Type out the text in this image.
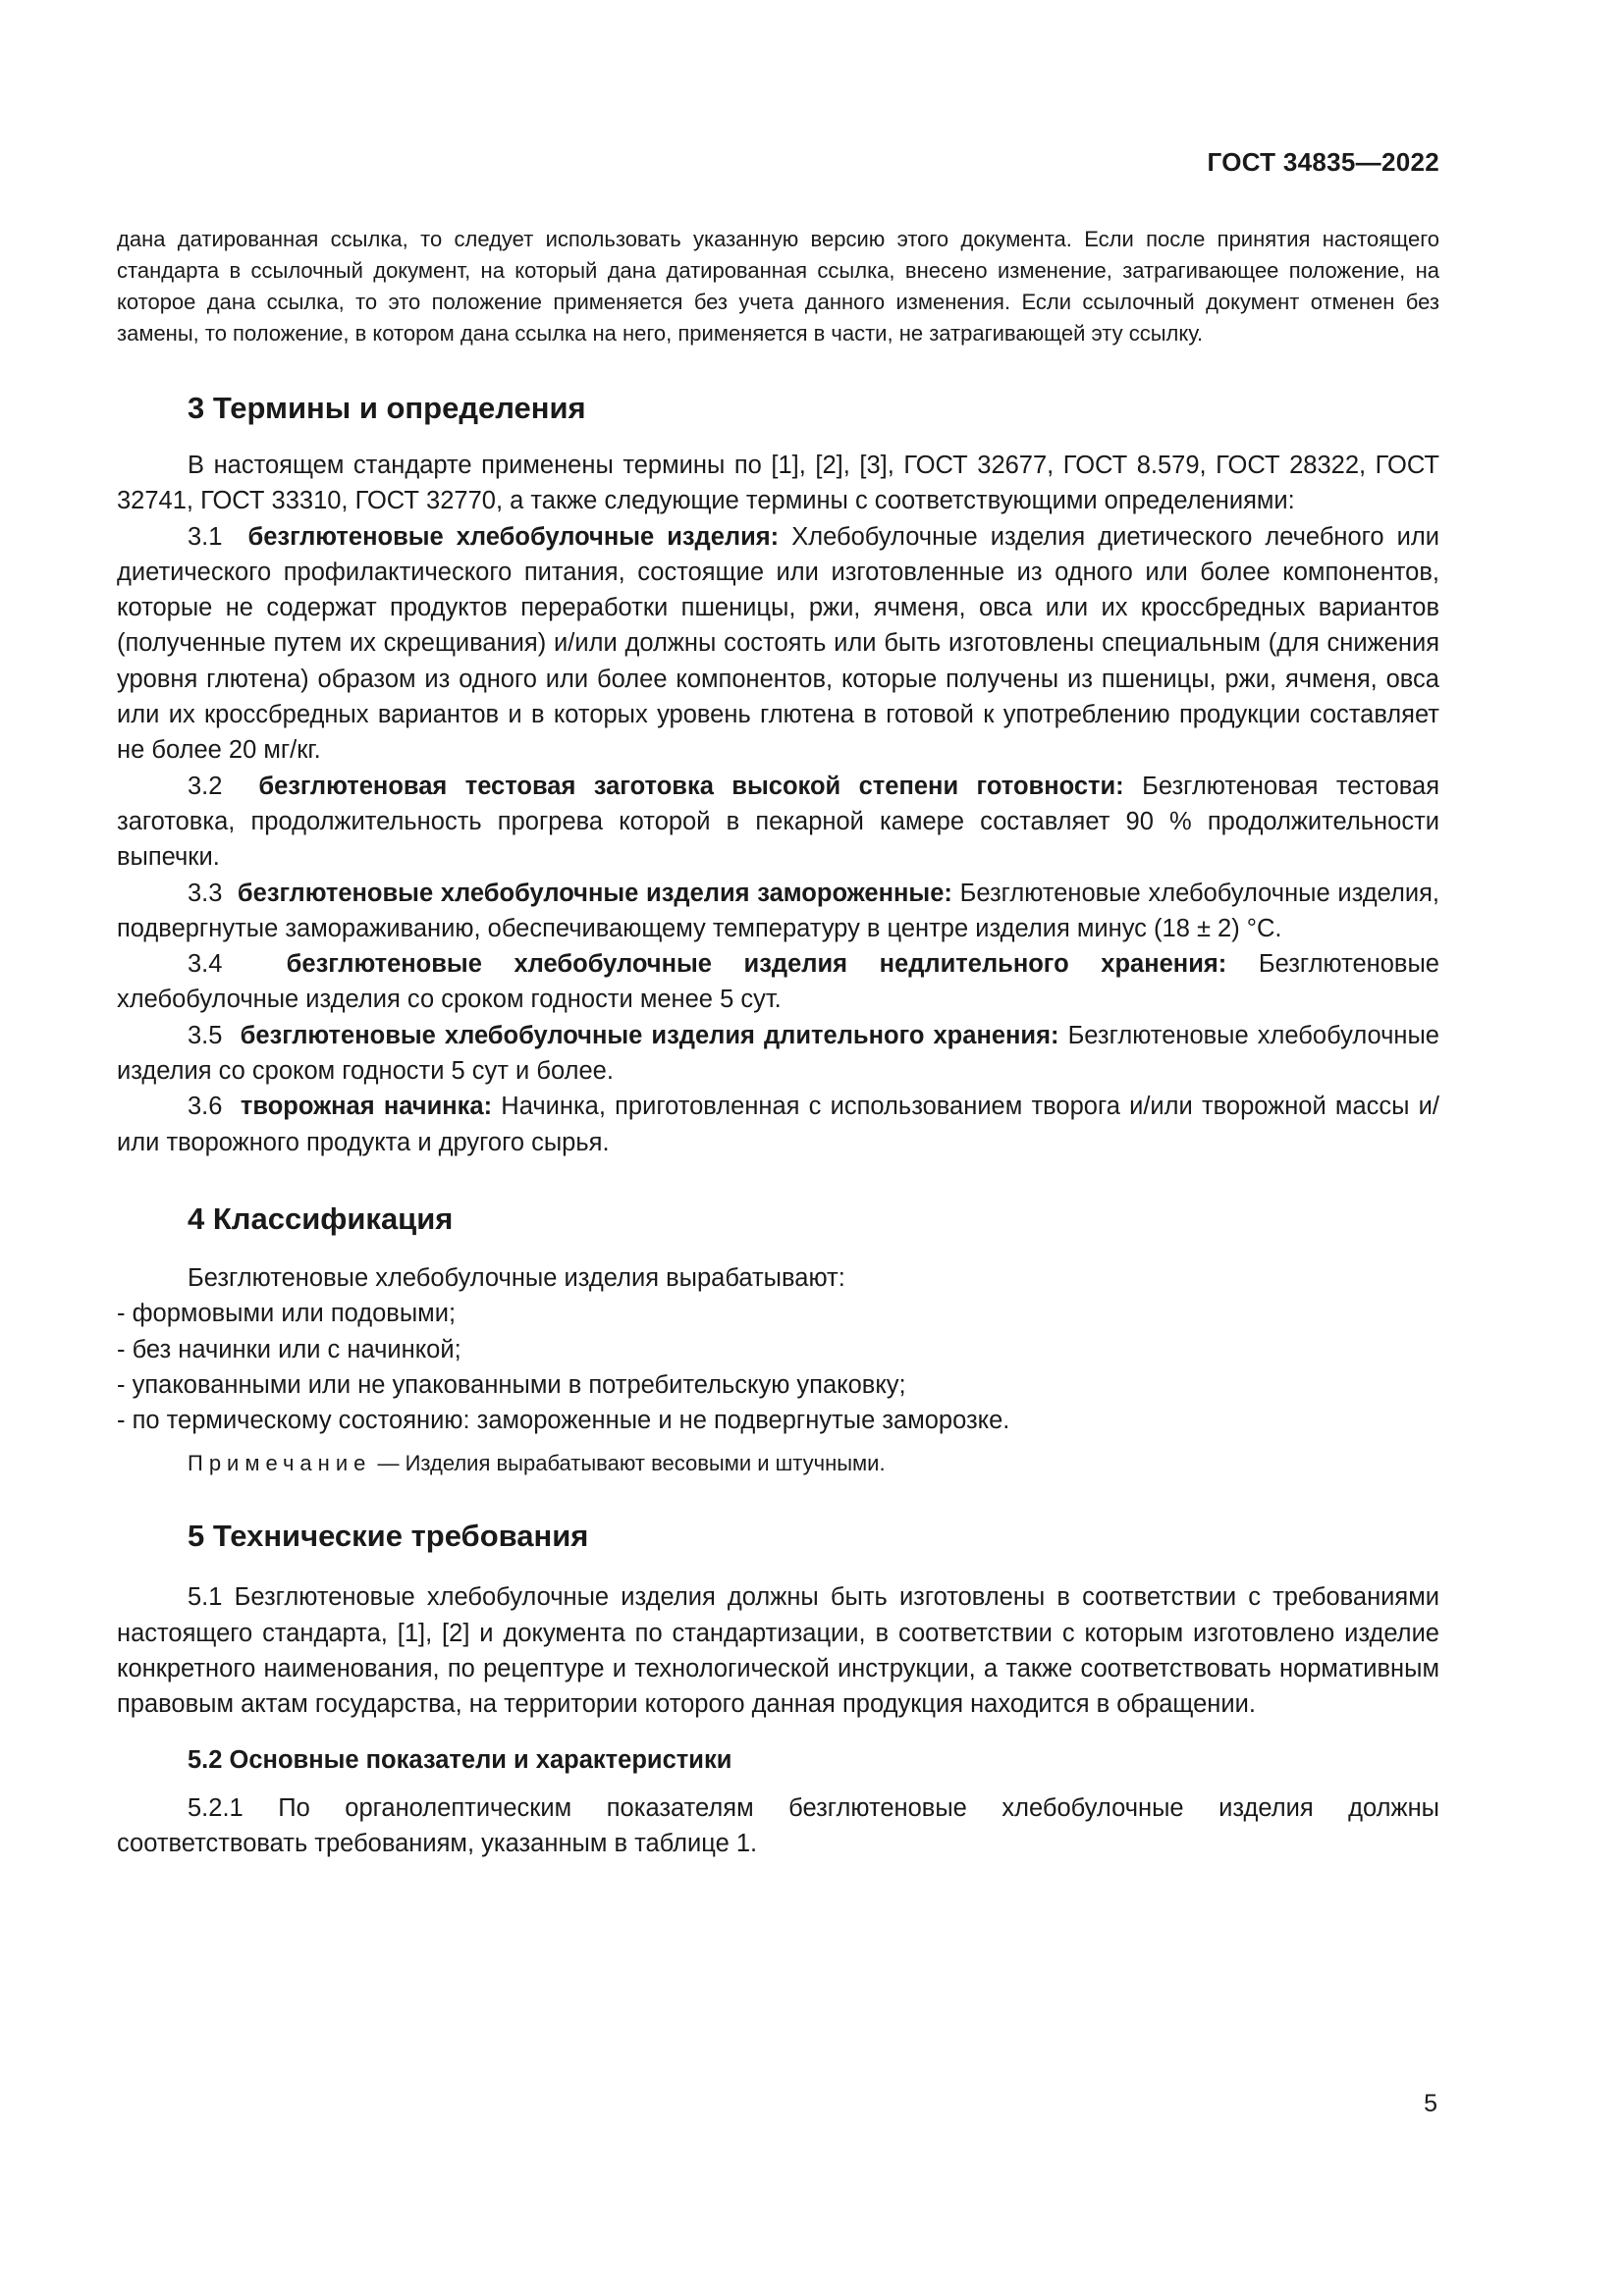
ГОСТ 34835—2022

дана датированная ссылка, то следует использовать указанную версию этого документа. Если после принятия настоящего стандарта в ссылочный документ, на который дана датированная ссылка, внесено изменение, затрагивающее положение, на которое дана ссылка, то это положение применяется без учета данного изменения. Если ссылочный документ отменен без замены, то положение, в котором дана ссылка на него, применяется в части, не затрагивающей эту ссылку.

3 Термины и определения

В настоящем стандарте применены термины по [1], [2], [3], ГОСТ 32677, ГОСТ 8.579, ГОСТ 28322, ГОСТ 32741, ГОСТ 33310, ГОСТ 32770, а также следующие термины с соответствующими определениями:

3.1 безглютеновые хлебобулочные изделия: Хлебобулочные изделия диетического лечебного или диетического профилактического питания, состоящие или изготовленные из одного или более компонентов, которые не содержат продуктов переработки пшеницы, ржи, ячменя, овса или их кроссбредных вариантов (полученные путем их скрещивания) и/или должны состоять или быть изготовлены специальным (для снижения уровня глютена) образом из одного или более компонентов, которые получены из пшеницы, ржи, ячменя, овса или их кроссбредных вариантов и в которых уровень глютена в готовой к употреблению продукции составляет не более 20 мг/кг.

3.2 безглютеновая тестовая заготовка высокой степени готовности: Безглютеновая тестовая заготовка, продолжительность прогрева которой в пекарной камере составляет 90 % продолжительности выпечки.

3.3 безглютеновые хлебобулочные изделия замороженные: Безглютеновые хлебобулочные изделия, подвергнутые замораживанию, обеспечивающему температуру в центре изделия минус (18 ± 2) °С.

3.4	безглютеновые хлебобулочные изделия недлительного хранения: Безглютеновые хлебобулочные изделия со сроком годности менее 5 сут.

3.5 безглютеновые хлебобулочные изделия длительного хранения: Безглютеновые хлебобулочные изделия со сроком годности 5 сут и более.

3.6 творожная начинка: Начинка, приготовленная с использованием творога и/или творожной массы и/или творожного продукта и другого сырья.

4 Классификация

Безглютеновые хлебобулочные изделия вырабатывают:

- формовыми или подовыми;
- без начинки или с начинкой;
- упакованными или не упакованными в потребительскую упаковку;
- по термическому состоянию: замороженные и не подвергнутые заморозке.

Примечание — Изделия вырабатывают весовыми и штучными.

5 Технические требования

5.1 Безглютеновые хлебобулочные изделия должны быть изготовлены в соответствии с требованиями настоящего стандарта, [1], [2] и документа по стандартизации, в соответствии с которым изготовлено изделие конкретного наименования, по рецептуре и технологической инструкции, а также соответствовать нормативным правовым актам государства, на территории которого данная продукция находится в обращении.

5.2 Основные показатели и характеристики

5.2.1 По органолептическим показателям безглютеновые хлебобулочные изделия должны соответствовать требованиям, указанным в таблице 1.

5
